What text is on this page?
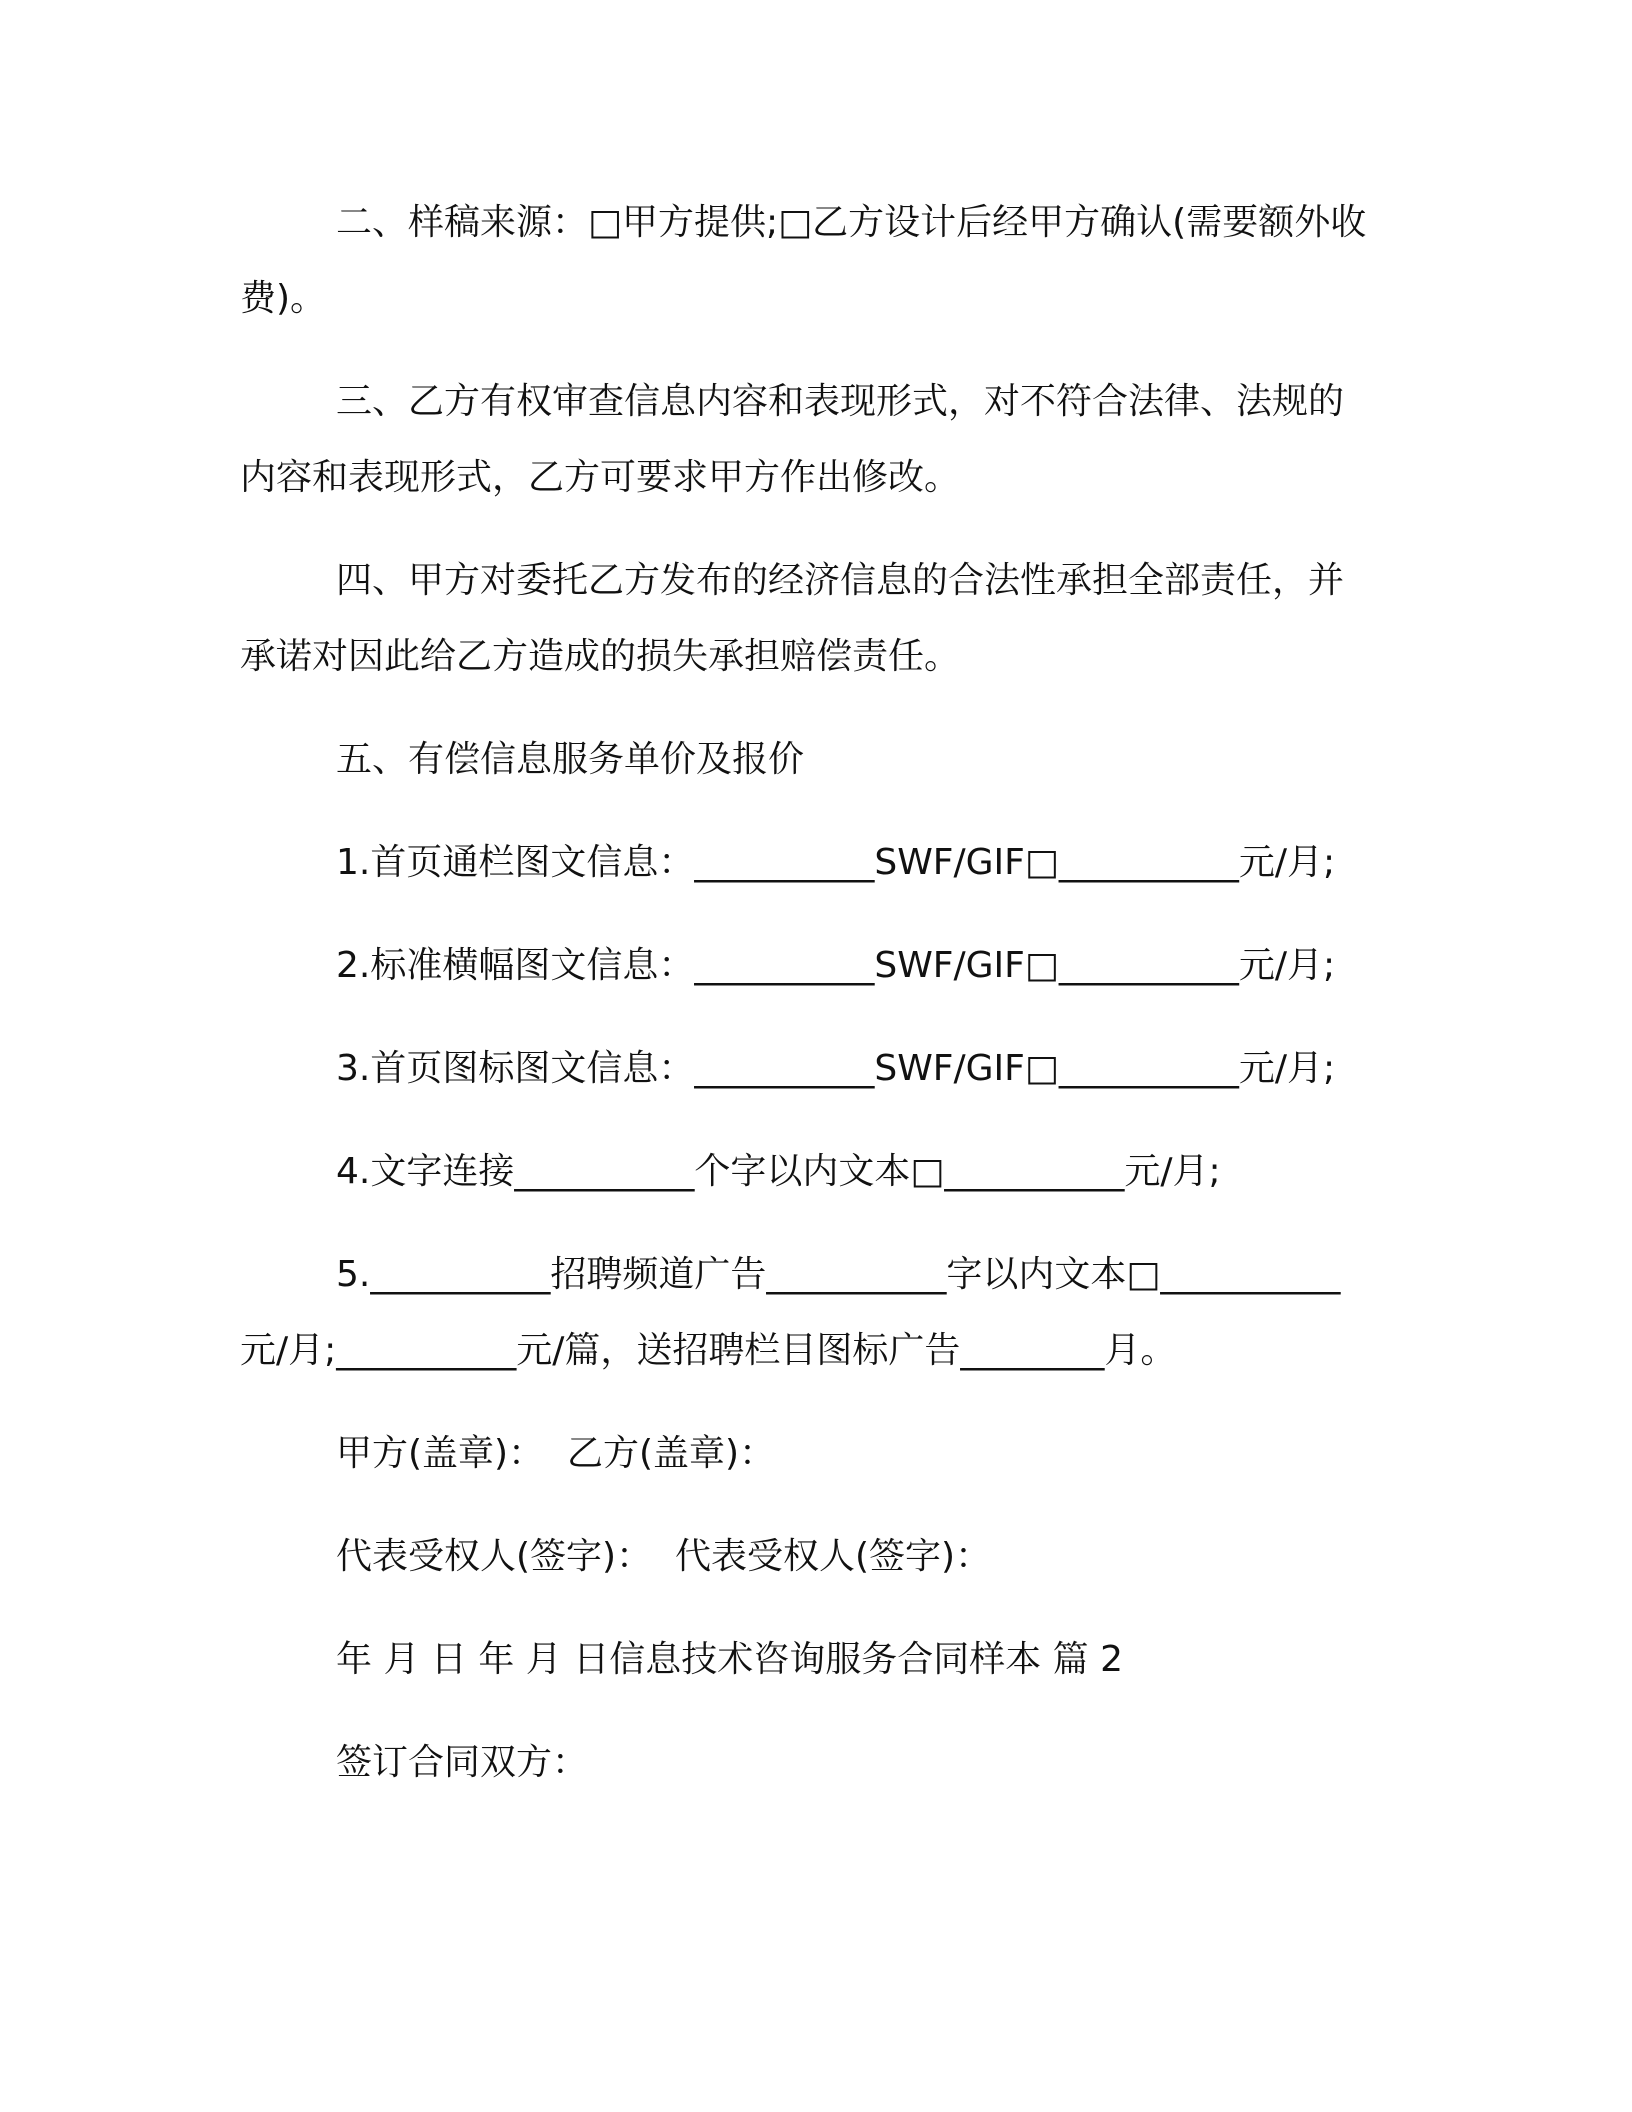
二、样稿来源：□甲方提供;□乙方设计后经甲方确认(需要额外收费)。

三、乙方有权审查信息内容和表现形式，对不符合法律、法规的内容和表现形式，乙方可要求甲方作出修改。

四、甲方对委托乙方发布的经济信息的合法性承担全部责任，并承诺对因此给乙方造成的损失承担赔偿责任。

五、有偿信息服务单价及报价

1.首页通栏图文信息：__________SWF/GIF□__________元/月;

2.标准横幅图文信息：__________SWF/GIF□__________元/月;

3.首页图标图文信息：__________SWF/GIF□__________元/月;

4.文字连接__________个字以内文本□__________元/月;

5.__________招聘频道广告__________字以内文本□__________元/月;__________元/篇，送招聘栏目图标广告________月。

甲方(盖章)：  乙方(盖章)：

代表受权人(签字)：  代表受权人(签字)：

年 月 日 年 月 日信息技术咨询服务合同样本 篇 2

签订合同双方：
